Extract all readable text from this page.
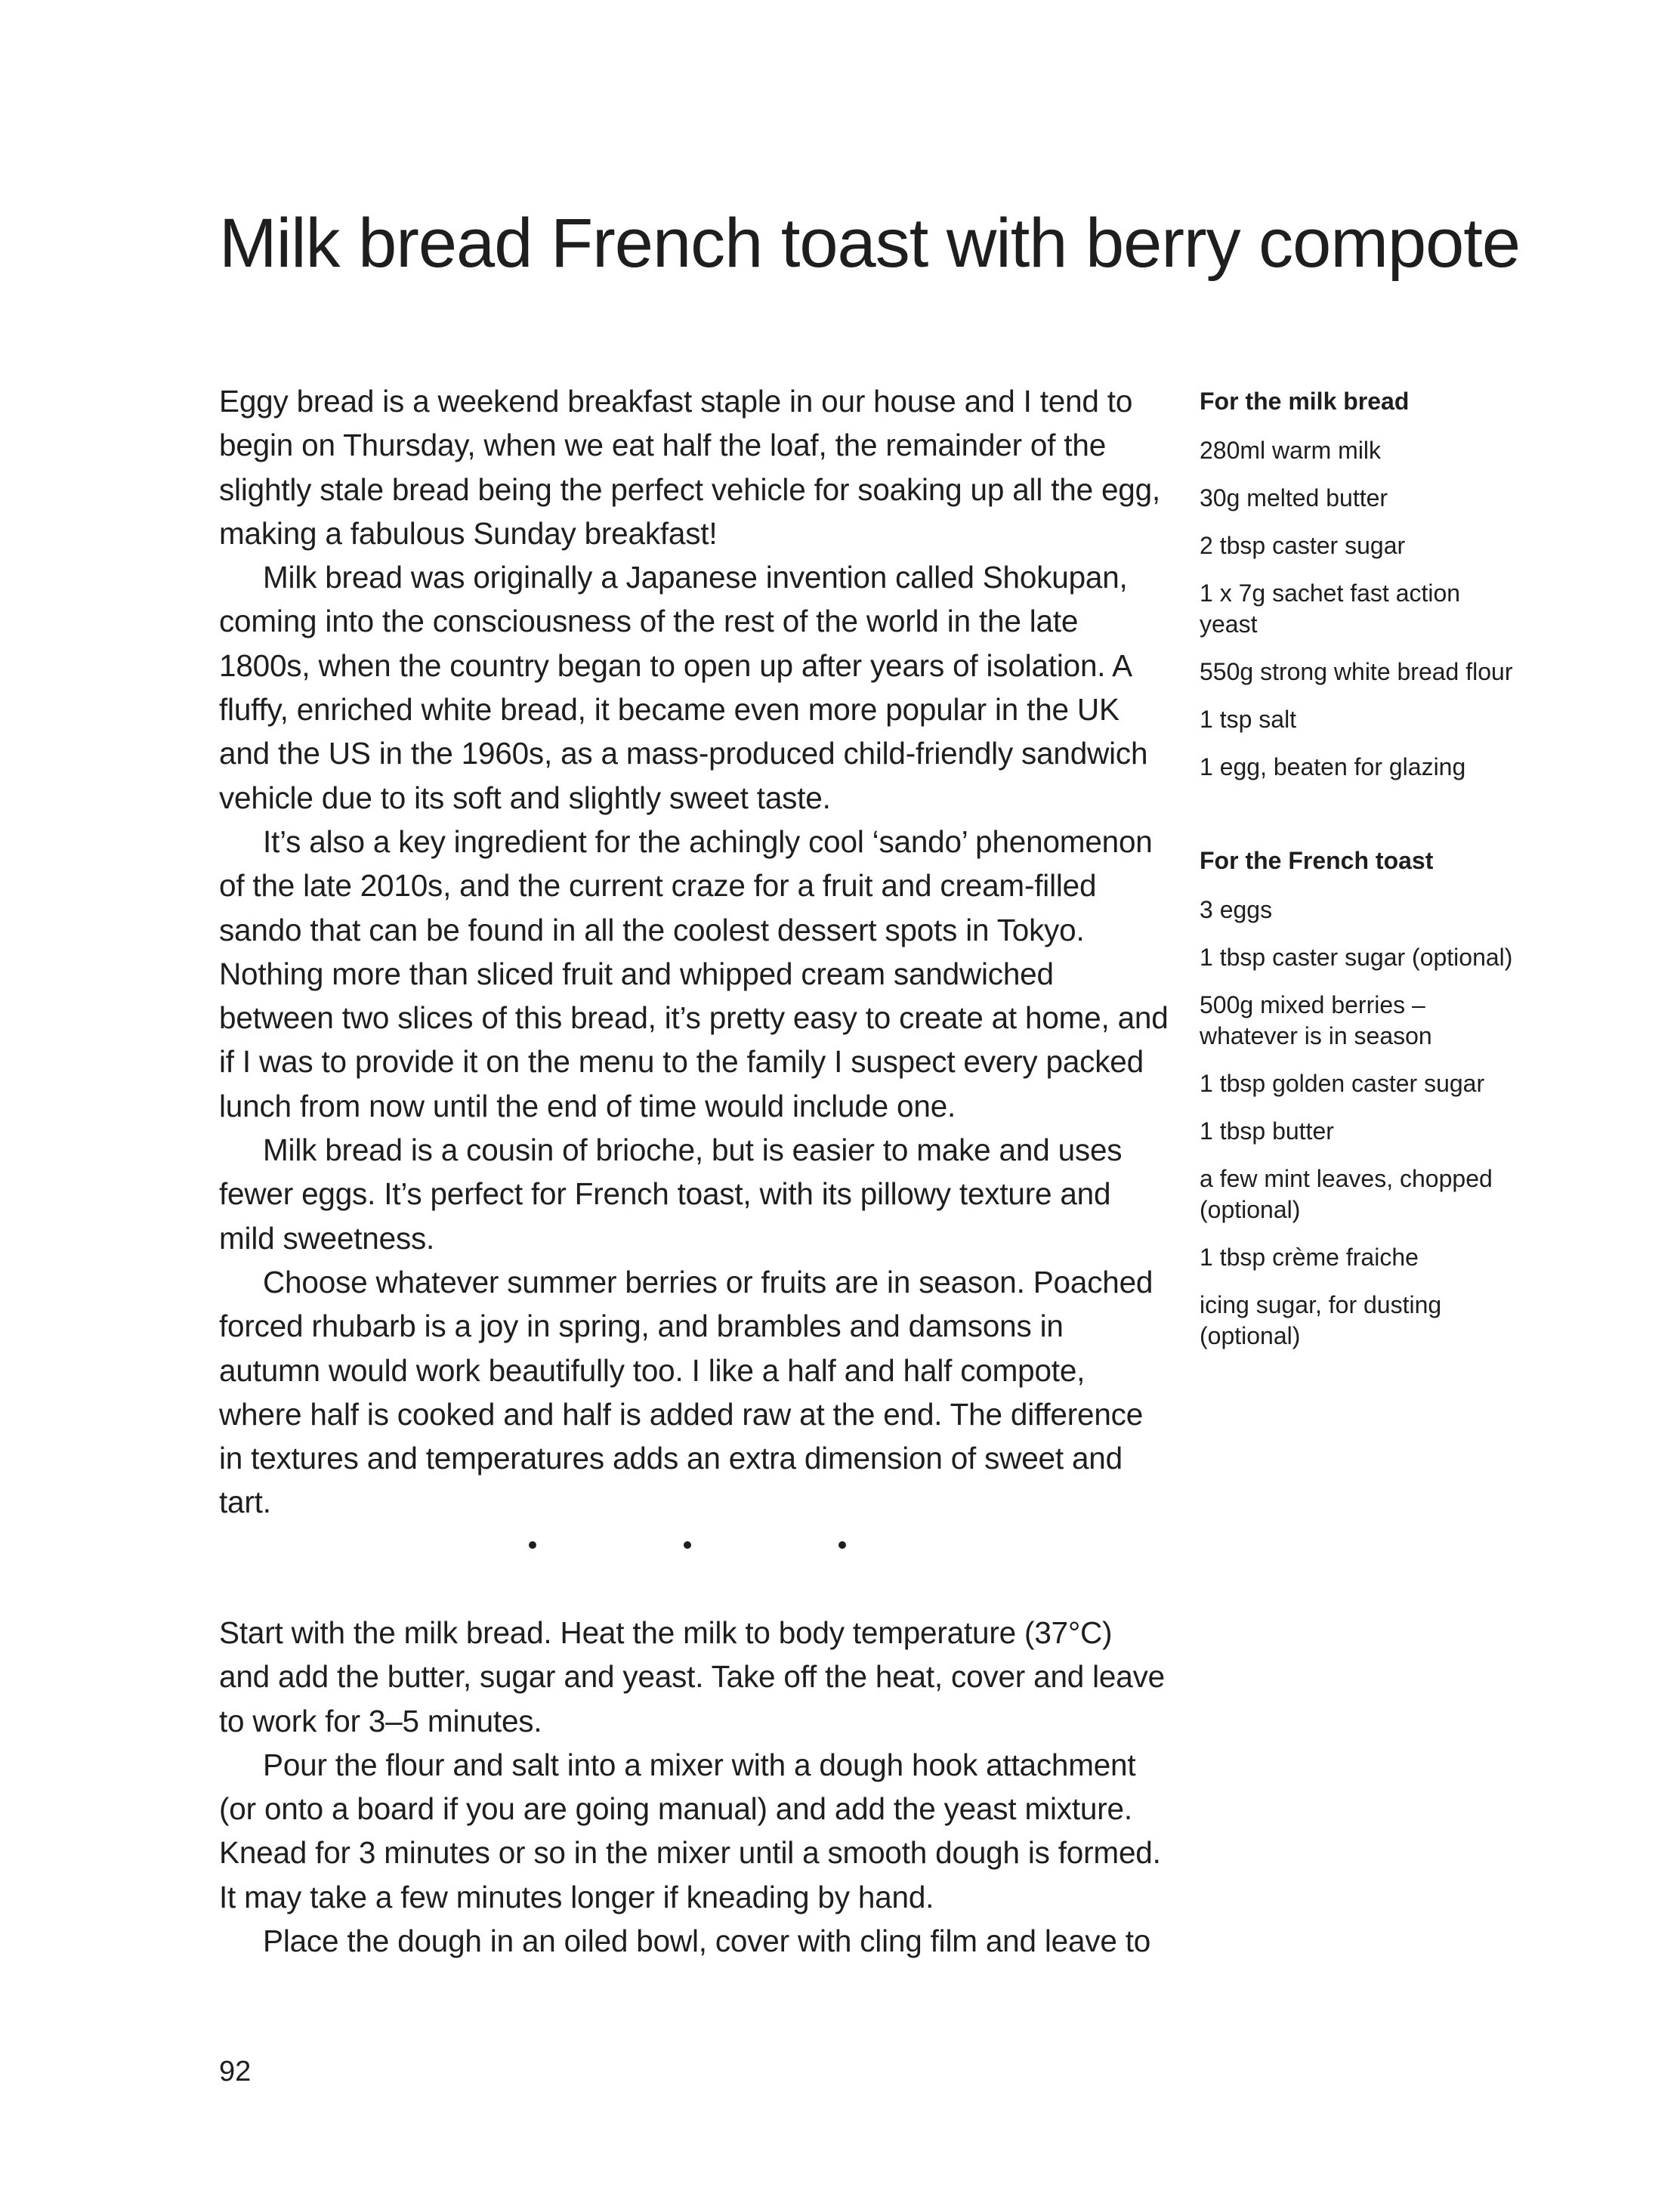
Milk bread French toast with berry compote

Eggy bread is a weekend breakfast staple in our house and I tend to begin on Thursday, when we eat half the loaf, the remainder of the slightly stale bread being the perfect vehicle for soaking up all the egg, making a fabulous Sunday breakfast!

Milk bread was originally a Japanese invention called Shokupan, coming into the consciousness of the rest of the world in the late 1800s, when the country began to open up after years of isolation. A fluffy, enriched white bread, it became even more popular in the UK and the US in the 1960s, as a mass-produced child-friendly sandwich vehicle due to its soft and slightly sweet taste.

It’s also a key ingredient for the achingly cool ‘sando’ phenomenon of the late 2010s, and the current craze for a fruit and cream-filled sando that can be found in all the coolest dessert spots in Tokyo. Nothing more than sliced fruit and whipped cream sandwiched between two slices of this bread, it’s pretty easy to create at home, and if I was to provide it on the menu to the family I suspect every packed lunch from now until the end of time would include one.

Milk bread is a cousin of brioche, but is easier to make and uses fewer eggs. It’s perfect for French toast, with its pillowy texture and mild sweetness.

Choose whatever summer berries or fruits are in season. Poached forced rhubarb is a joy in spring, and brambles and damsons in autumn would work beautifully too. I like a half and half compote, where half is cooked and half is added raw at the end. The difference in textures and temperatures adds an extra dimension of sweet and tart.

For the milk bread
280ml warm milk
30g melted butter
2 tbsp caster sugar
1 x 7g sachet fast action yeast
550g strong white bread flour
1 tsp salt
1 egg, beaten for glazing
For the French toast
3 eggs
1 tbsp caster sugar (optional)
500g mixed berries – whatever is in season
1 tbsp golden caster sugar
1 tbsp butter
a few mint leaves, chopped (optional)
1 tbsp crème fraiche
icing sugar, for dusting (optional)

Start with the milk bread. Heat the milk to body temperature (37°C) and add the butter, sugar and yeast. Take off the heat, cover and leave to work for 3–5 minutes.

Pour the flour and salt into a mixer with a dough hook attachment (or onto a board if you are going manual) and add the yeast mixture. Knead for 3 minutes or so in the mixer until a smooth dough is formed. It may take a few minutes longer if kneading by hand.

Place the dough in an oiled bowl, cover with cling film and leave to

92
